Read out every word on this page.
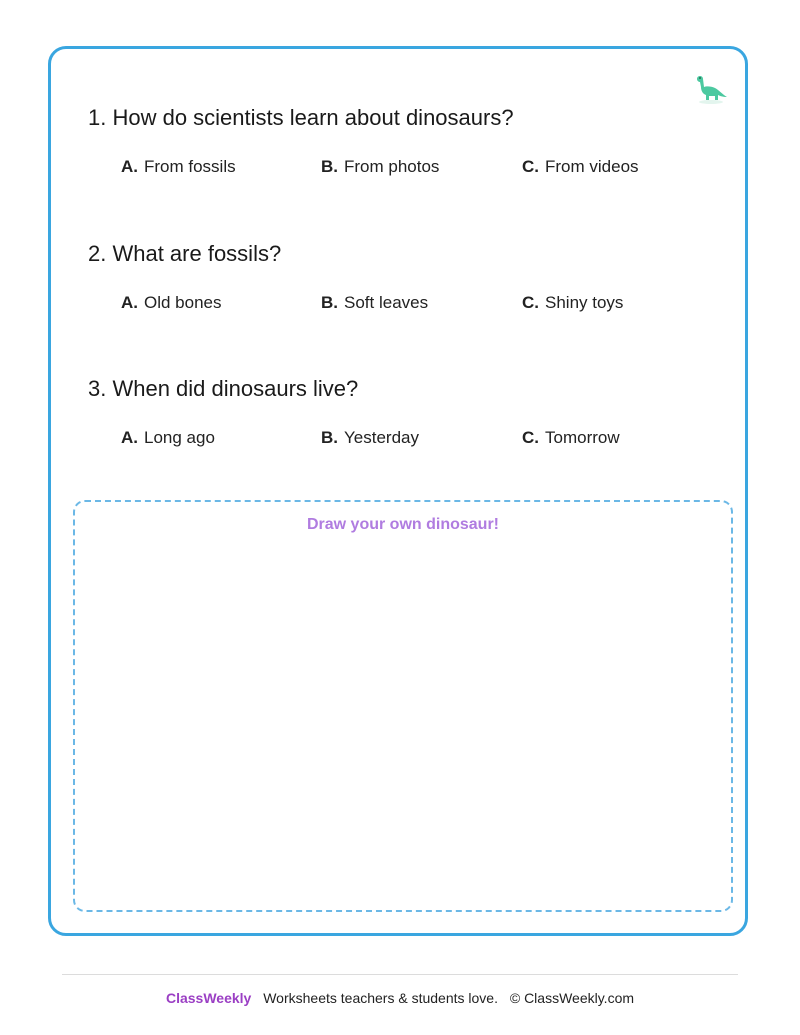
1. How do scientists learn about dinosaurs?

A. From fossils	B. From photos	C. From videos

2. What are fossils?

A. Old bones	B. Soft leaves	C. Shiny toys

3. When did dinosaurs live?

A. Long ago	B. Yesterday	C. Tomorrow
Draw your own dinosaur!
ClassWeekly Worksheets teachers & students love. © ClassWeekly.com
